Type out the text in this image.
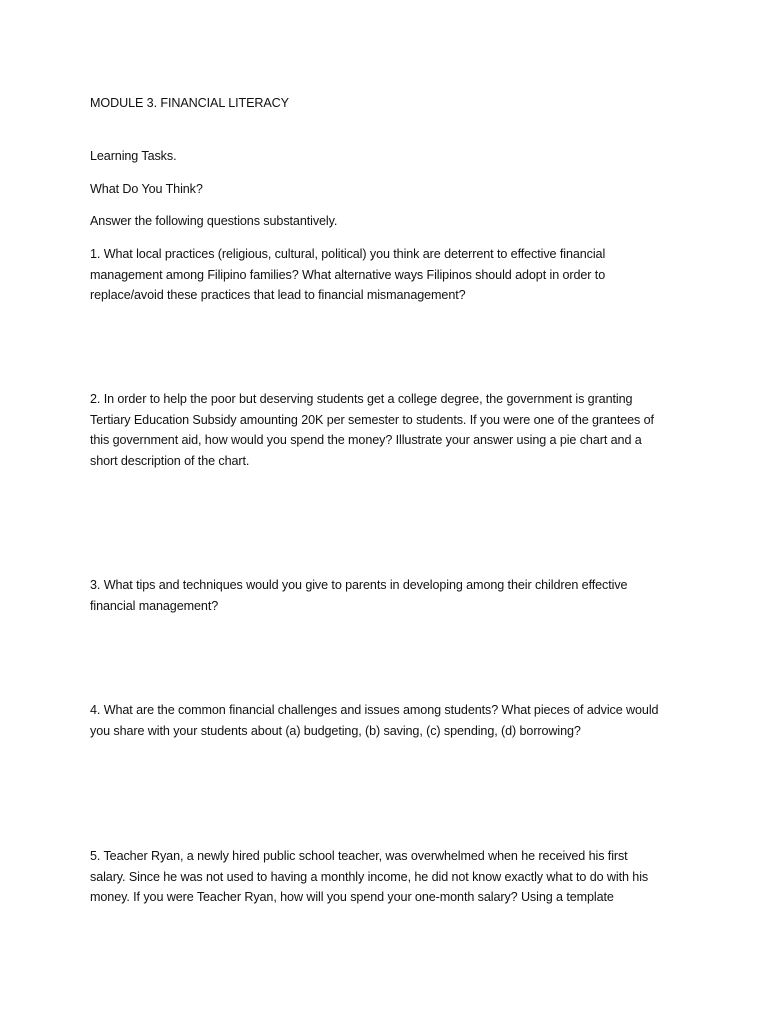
MODULE 3. FINANCIAL LITERACY
Learning Tasks.
What Do You Think?
Answer the following questions substantively.
1. What local practices (religious, cultural, political) you think are deterrent to effective financial
management among Filipino families? What alternative ways Filipinos should adopt in order to
replace/avoid these practices that lead to financial mismanagement?
2. In order to help the poor but deserving students get a college degree, the government is granting
Tertiary Education Subsidy amounting 20K per semester to students. If you were one of the grantees of
this government aid, how would you spend the money? Illustrate your answer using a pie chart and a
short description of the chart.
3. What tips and techniques would you give to parents in developing among their children effective
financial management?
4. What are the common financial challenges and issues among students? What pieces of advice would
you share with your students about (a) budgeting, (b) saving, (c) spending, (d) borrowing?
5. Teacher Ryan, a newly hired public school teacher, was overwhelmed when he received his first
salary. Since he was not used to having a monthly income, he did not know exactly what to do with his
money. If you were Teacher Ryan, how will you spend your one-month salary? Using a template
